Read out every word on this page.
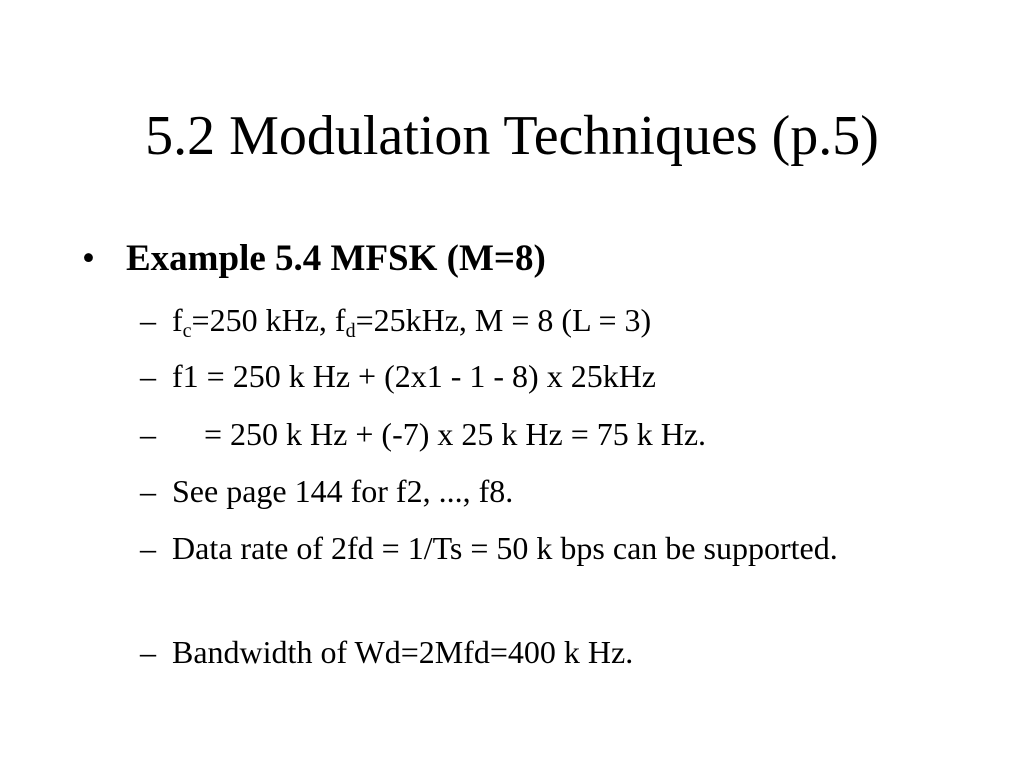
5.2 Modulation Techniques (p.5)
• Example 5.4 MFSK (M=8)
– $f_c=250$ kHz, $f_d=25kHz$, M = 8 (L = 3)
– f1 = 250 k Hz + (2x1 - 1 - 8) x 25kHz
– = 250 k Hz + (-7) x 25 k Hz = 75 k Hz.
– See page 144 for f2, ..., f8.
– Data rate of 2fd = 1/Ts = 50 k bps can be supported.
– Bandwidth of Wd=2Mfd=400 k Hz.
